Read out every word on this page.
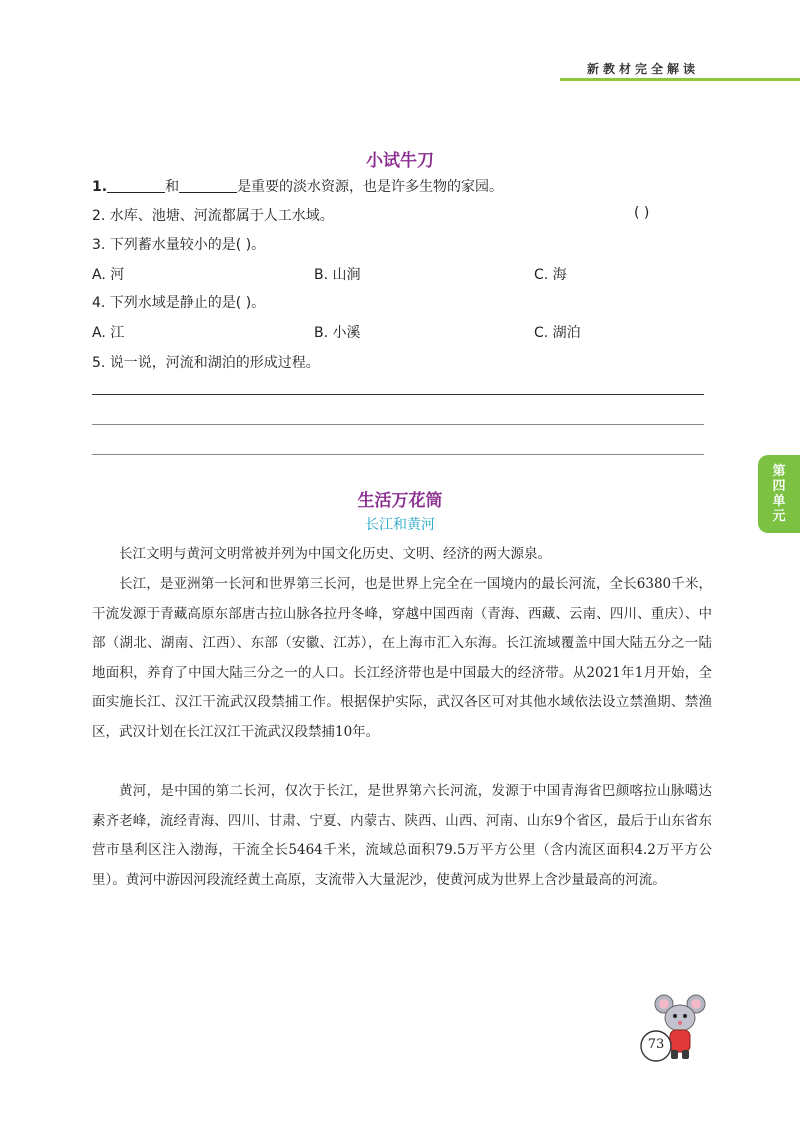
新教材完全解读
第四单元
小试牛刀
1.	和	是重要的淡水资源，也是许多生物的家园。
2. 水库、池塘、河流都属于人工水域。	( )
3. 下列蓄水量较小的是( )。
A. 河	B. 山涧	C. 海
4. 下列水域是静止的是( )。
A. 江	B. 小溪	C. 湖泊
5. 说一说，河流和湖泊的形成过程。
生活万花筒
长江和黄河
长江文明与黄河文明常被并列为中国文化历史、文明、经济的两大源泉。
长江，是亚洲第一长河和世界第三长河，也是世界上完全在一国境内的最长河流，全长6380千米，干流发源于青藏高原东部唐古拉山脉各拉丹冬峰，穿越中国西南（青海、西藏、云南、四川、重庆）、中部（湖北、湖南、江西）、东部（安徽、江苏），在上海市汇入东海。长江流域覆盖中国大陆五分之一陆地面积，养育了中国大陆三分之一的人口。长江经济带也是中国最大的经济带。从2021年1月开始，全面实施长江、汉江干流武汉段禁捕工作。根据保护实际，武汉各区可对其他水域依法设立禁渔期、禁渔区，武汉计划在长江汉江干流武汉段禁捕10年。
黄河，是中国的第二长河，仅次于长江，是世界第六长河流，发源于中国青海省巴颜喀拉山脉噶达素齐老峰，流经青海、四川、甘肃、宁夏、内蒙古、陕西、山西、河南、山东9个省区，最后于山东省东营市垦利区注入渤海，干流全长5464千米，流域总面积79.5万平方公里（含内流区面积4.2万平方公里）。黄河中游因河段流经黄土高原，支流带入大量泥沙，使黄河成为世界上含沙量最高的河流。
73
